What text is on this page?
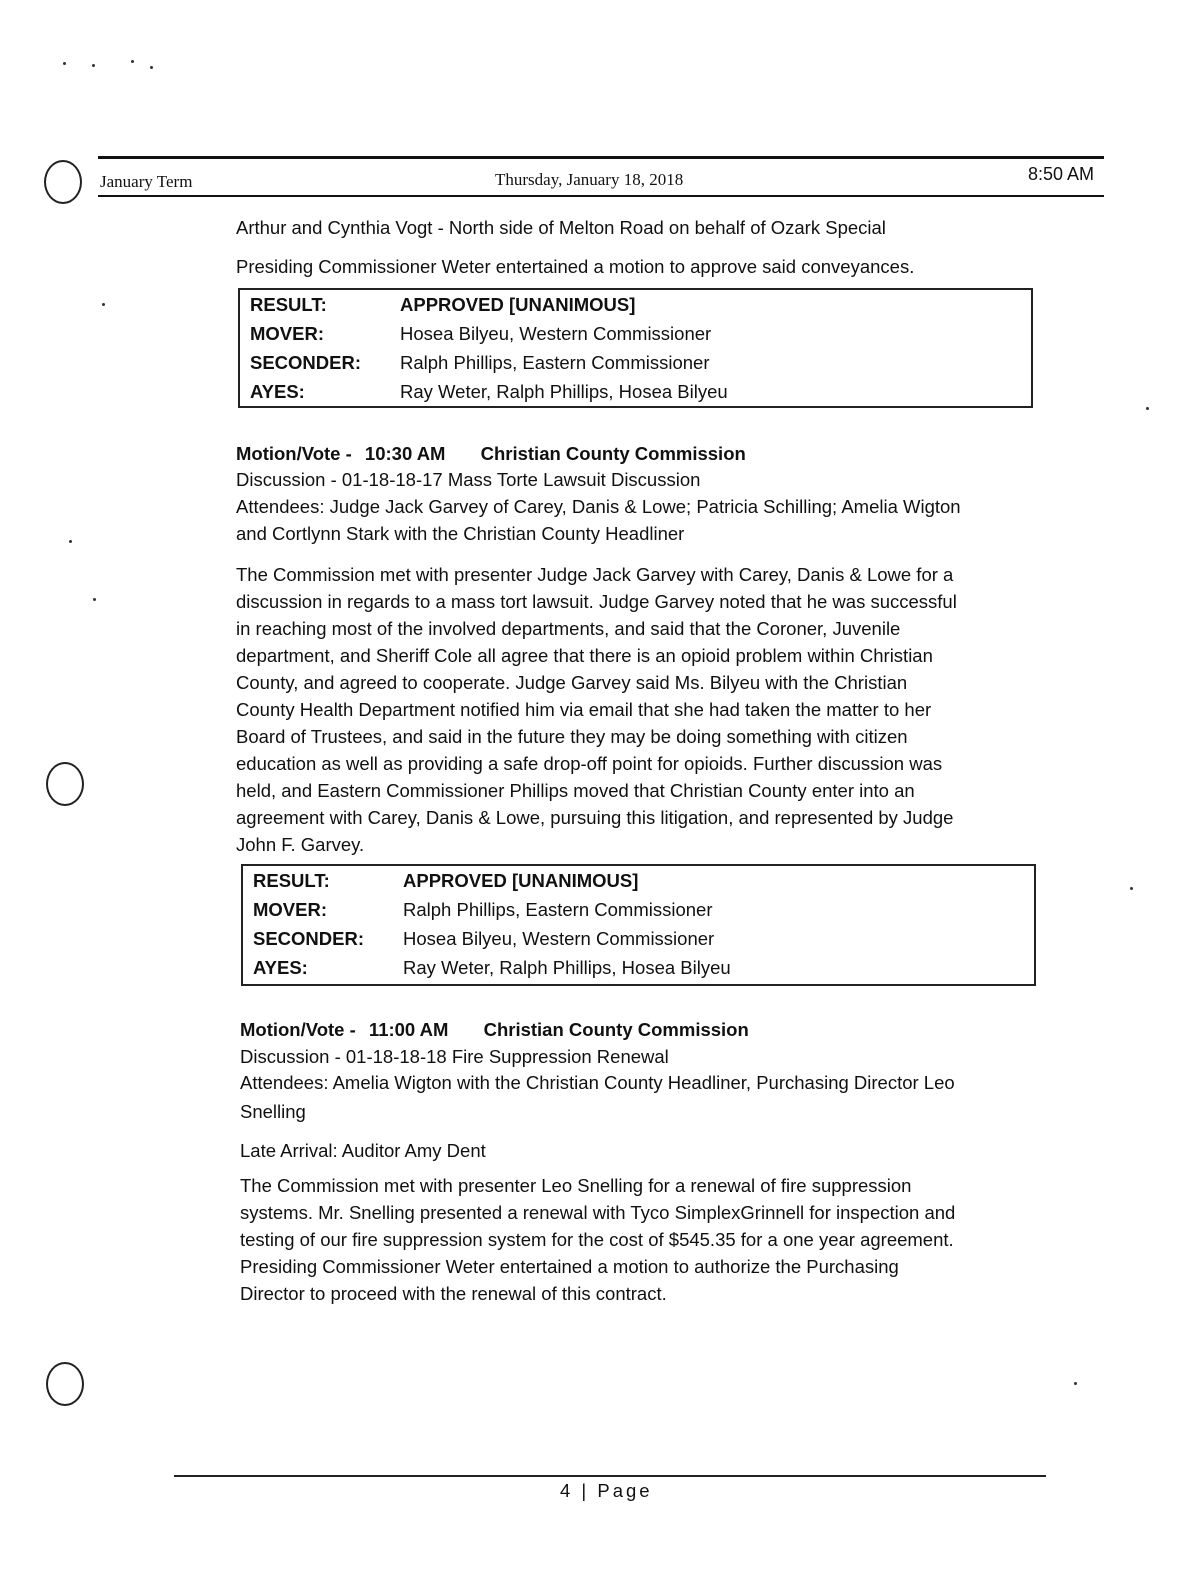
January Term	Thursday, January 18, 2018	8:50 AM
Arthur and Cynthia Vogt - North side of Melton Road on behalf of Ozark Special
Presiding Commissioner Weter entertained a motion to approve said conveyances.
RESULT:	APPROVED [UNANIMOUS]
MOVER:	Hosea Bilyeu, Western Commissioner
SECONDER:	Ralph Phillips, Eastern Commissioner
AYES:	Ray Weter, Ralph Phillips, Hosea Bilyeu
Motion/Vote - 10:30 AM Christian County Commission
Discussion - 01-18-18-17 Mass Torte Lawsuit Discussion
Attendees: Judge Jack Garvey of Carey, Danis & Lowe; Patricia Schilling; Amelia Wigton
and Cortlynn Stark with the Christian County Headliner
The Commission met with presenter Judge Jack Garvey with Carey, Danis & Lowe for a
discussion in regards to a mass tort lawsuit. Judge Garvey noted that he was successful
in reaching most of the involved departments, and said that the Coroner, Juvenile
department, and Sheriff Cole all agree that there is an opioid problem within Christian
County, and agreed to cooperate. Judge Garvey said Ms. Bilyeu with the Christian
County Health Department notified him via email that she had taken the matter to her
Board of Trustees, and said in the future they may be doing something with citizen
education as well as providing a safe drop-off point for opioids. Further discussion was
held, and Eastern Commissioner Phillips moved that Christian County enter into an
agreement with Carey, Danis & Lowe, pursuing this litigation, and represented by Judge
John F. Garvey.
RESULT:	APPROVED [UNANIMOUS]
MOVER:	Ralph Phillips, Eastern Commissioner
SECONDER:	Hosea Bilyeu, Western Commissioner
AYES:	Ray Weter, Ralph Phillips, Hosea Bilyeu
Motion/Vote - 11:00 AM Christian County Commission
Discussion - 01-18-18-18 Fire Suppression Renewal
Attendees: Amelia Wigton with the Christian County Headliner, Purchasing Director Leo
Snelling
Late Arrival: Auditor Amy Dent
The Commission met with presenter Leo Snelling for a renewal of fire suppression
systems. Mr. Snelling presented a renewal with Tyco SimplexGrinnell for inspection and
testing of our fire suppression system for the cost of $545.35 for a one year agreement.
Presiding Commissioner Weter entertained a motion to authorize the Purchasing
Director to proceed with the renewal of this contract.
4 | Page
